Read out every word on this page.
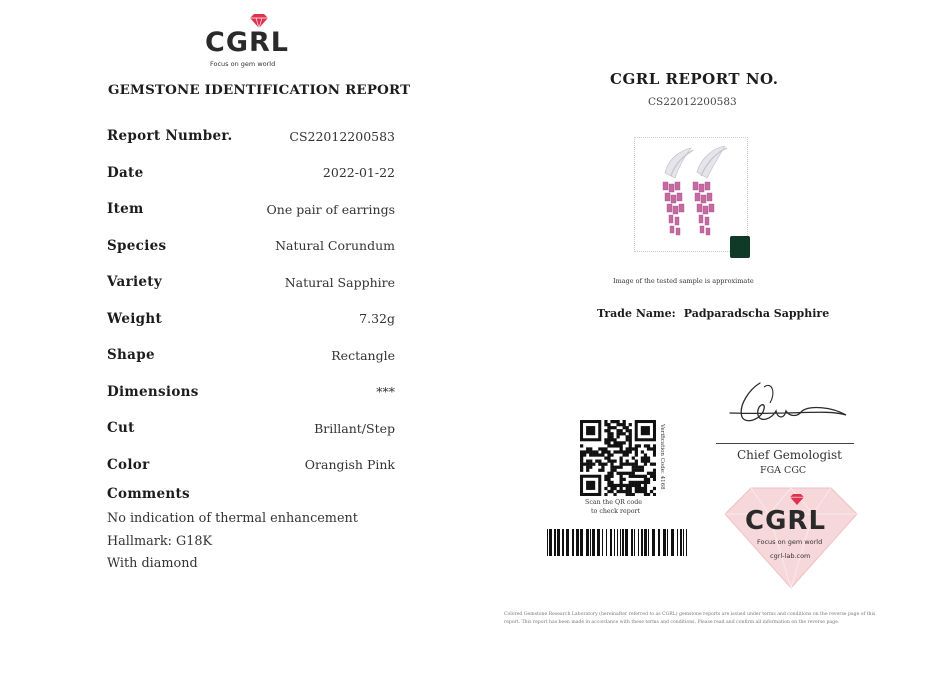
CGRL
Focus on gem world
GEMSTONE IDENTIFICATION REPORT
Report Number.	CS22012200583
Date	2022-01-22
Item	One pair of earrings
Species	Natural Corundum
Variety	Natural Sapphire
Weight	7.32g
Shape	Rectangle
Dimensions	***
Cut	Brillant/Step
Color	Orangish Pink
Comments
No indication of thermal enhancement
Hallmark: G18K
With diamond
CGRL REPORT NO.
CS22012200583
Image of the tested sample is approximate
Trade Name: Padparadscha Sapphire
Chief Gemologist
FGA CGC
CGRL
Focus on gem world
cgrl-lab.com
Verification Code: 4168
Scan the QR code
to check report
Colored Gemstone Research Laboratory (hereinafter referred to as CGRL) gemstone reports are issued under terms and conditions on the reverse page of this report. This report has been made in accordance with these terms and conditions. Please read and confirm all information on the reverse page.
